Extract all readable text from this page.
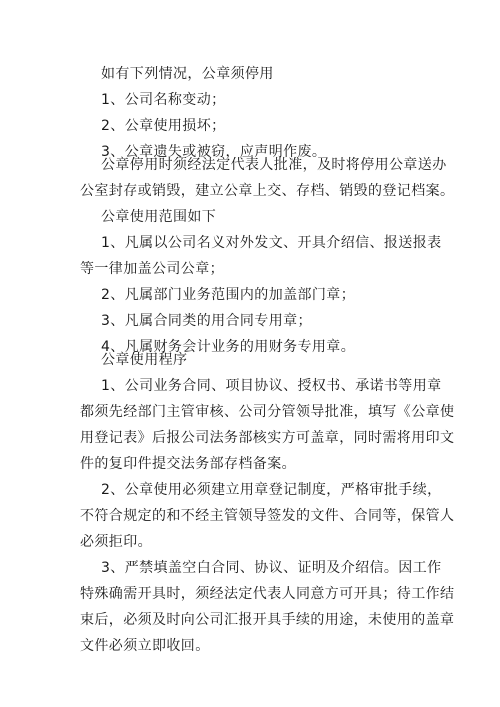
如有下列情况，公章须停用

1、公司名称变动；

2、公章使用损坏；

3、公章遗失或被窃，应声明作废。

公章停用时须经法定代表人批准，及时将停用公章送办
公室封存或销毁，建立公章上交、存档、销毁的登记档案。

公章使用范围如下

1、凡属以公司名义对外发文、开具介绍信、报送报表
等一律加盖公司公章；

2、凡属部门业务范围内的加盖部门章；

3、凡属合同类的用合同专用章；

4、凡属财务会计业务的用财务专用章。

公章使用程序

1、公司业务合同、项目协议、授权书、承诺书等用章
都须先经部门主管审核、公司分管领导批准，填写《公章使
用登记表》后报公司法务部核实方可盖章，同时需将用印文
件的复印件提交法务部存档备案。

2、公章使用必须建立用章登记制度，严格审批手续，
不符合规定的和不经主管领导签发的文件、合同等，保管人
必须拒印。

3、严禁填盖空白合同、协议、证明及介绍信。因工作
特殊确需开具时，须经法定代表人同意方可开具；待工作结
束后，必须及时向公司汇报开具手续的用途，未使用的盖章
文件必须立即收回。
